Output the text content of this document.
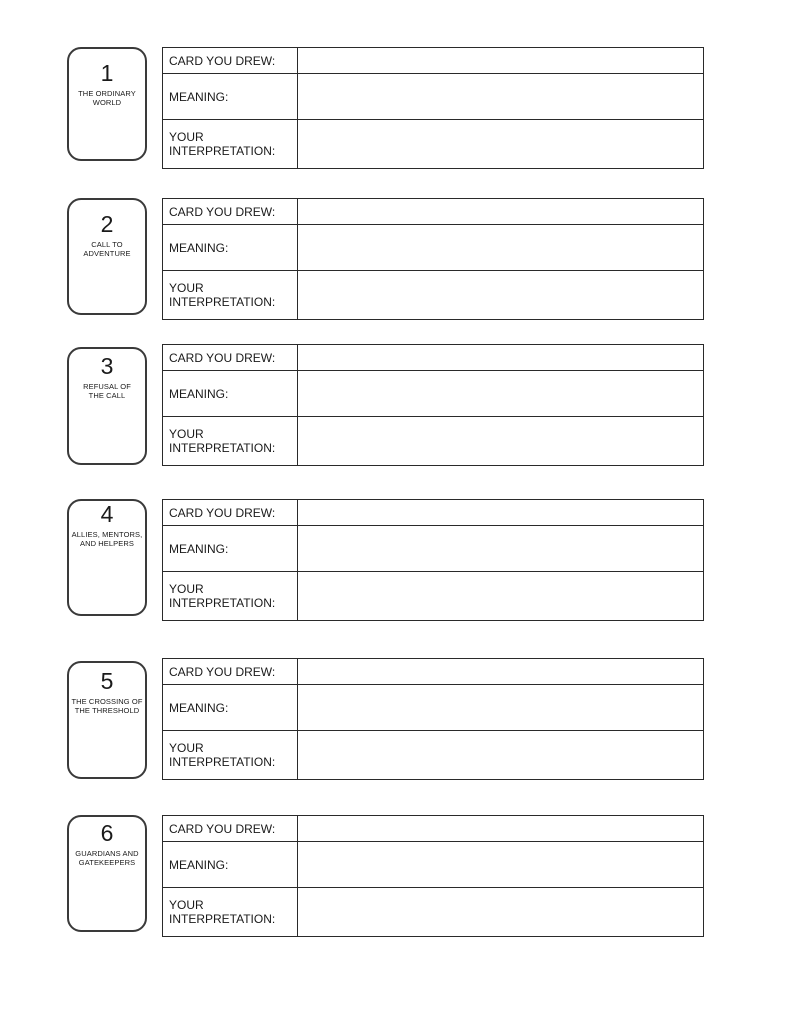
1
THE ORDINARY WORLD
CARD YOU DREW:
MEANING:
YOUR
INTERPRETATION:
2
CALL TO ADVENTURE
CARD YOU DREW:
MEANING:
YOUR
INTERPRETATION:
3
REFUSAL OF THE CALL
CARD YOU DREW:
MEANING:
YOUR
INTERPRETATION:
4
ALLIES, MENTORS, AND HELPERS
CARD YOU DREW:
MEANING:
YOUR
INTERPRETATION:
5
THE CROSSING OF THE THRESHOLD
CARD YOU DREW:
MEANING:
YOUR
INTERPRETATION:
6
GUARDIANS AND GATEKEEPERS
CARD YOU DREW:
MEANING:
YOUR
INTERPRETATION:
